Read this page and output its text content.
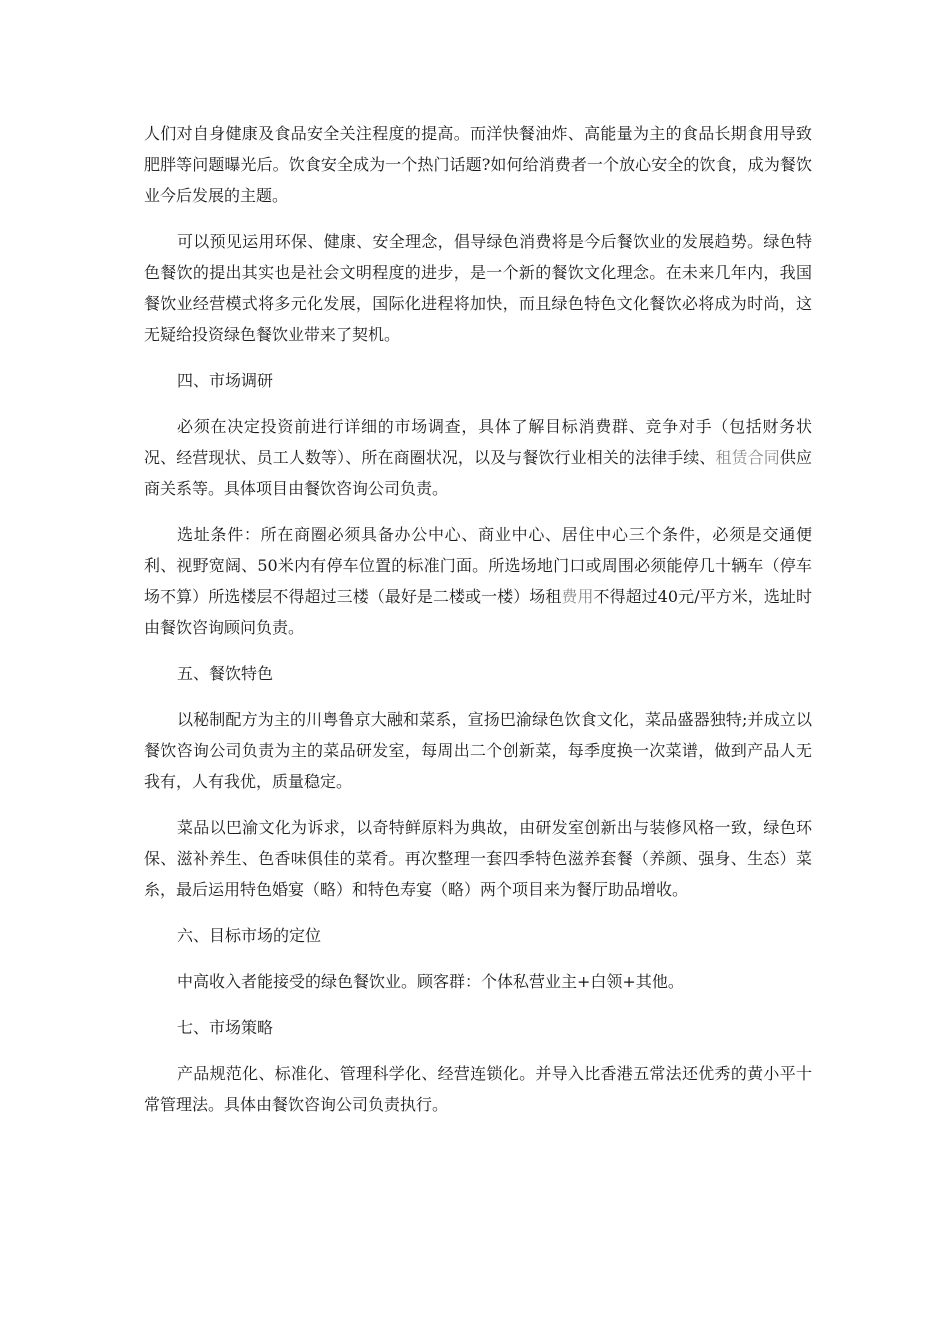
人们对自身健康及食品安全关注程度的提高。而洋快餐油炸、高能量为主的食品长期食用导致肥胖等问题曝光后。饮食安全成为一个热门话题?如何给消费者一个放心安全的饮食，成为餐饮业今后发展的主题。

可以预见运用环保、健康、安全理念，倡导绿色消费将是今后餐饮业的发展趋势。绿色特色餐饮的提出其实也是社会文明程度的进步，是一个新的餐饮文化理念。在未来几年内，我国餐饮业经营模式将多元化发展，国际化进程将加快，而且绿色特色文化餐饮必将成为时尚，这无疑给投资绿色餐饮业带来了契机。

四、市场调研

必须在决定投资前进行详细的市场调查，具体了解目标消费群、竞争对手（包括财务状况、经营现状、员工人数等）、所在商圈状况，以及与餐饮行业相关的法律手续、租赁合同供应商关系等。具体项目由餐饮咨询公司负责。

选址条件：所在商圈必须具备办公中心、商业中心、居住中心三个条件，必须是交通便利、视野宽阔、50米内有停车位置的标准门面。所选场地门口或周围必须能停几十辆车（停车场不算）所选楼层不得超过三楼（最好是二楼或一楼）场租费用不得超过40元/平方米，选址时由餐饮咨询顾问负责。

五、餐饮特色

以秘制配方为主的川粤鲁京大融和菜系，宣扬巴渝绿色饮食文化，菜品盛器独特;并成立以餐饮咨询公司负责为主的菜品研发室，每周出二个创新菜，每季度换一次菜谱，做到产品人无我有，人有我优，质量稳定。

菜品以巴渝文化为诉求，以奇特鲜原料为典故，由研发室创新出与装修风格一致，绿色环保、滋补养生、色香味俱佳的菜肴。再次整理一套四季特色滋养套餐（养颜、强身、生态）菜糸，最后运用特色婚宴（略）和特色寿宴（略）两个项目来为餐厅助品增收。

六、目标市场的定位

中高收入者能接受的绿色餐饮业。顾客群：个体私营业主+白领+其他。

七、市场策略

产品规范化、标准化、管理科学化、经营连锁化。并导入比香港五常法还优秀的黄小平十常管理法。具体由餐饮咨询公司负责执行。
